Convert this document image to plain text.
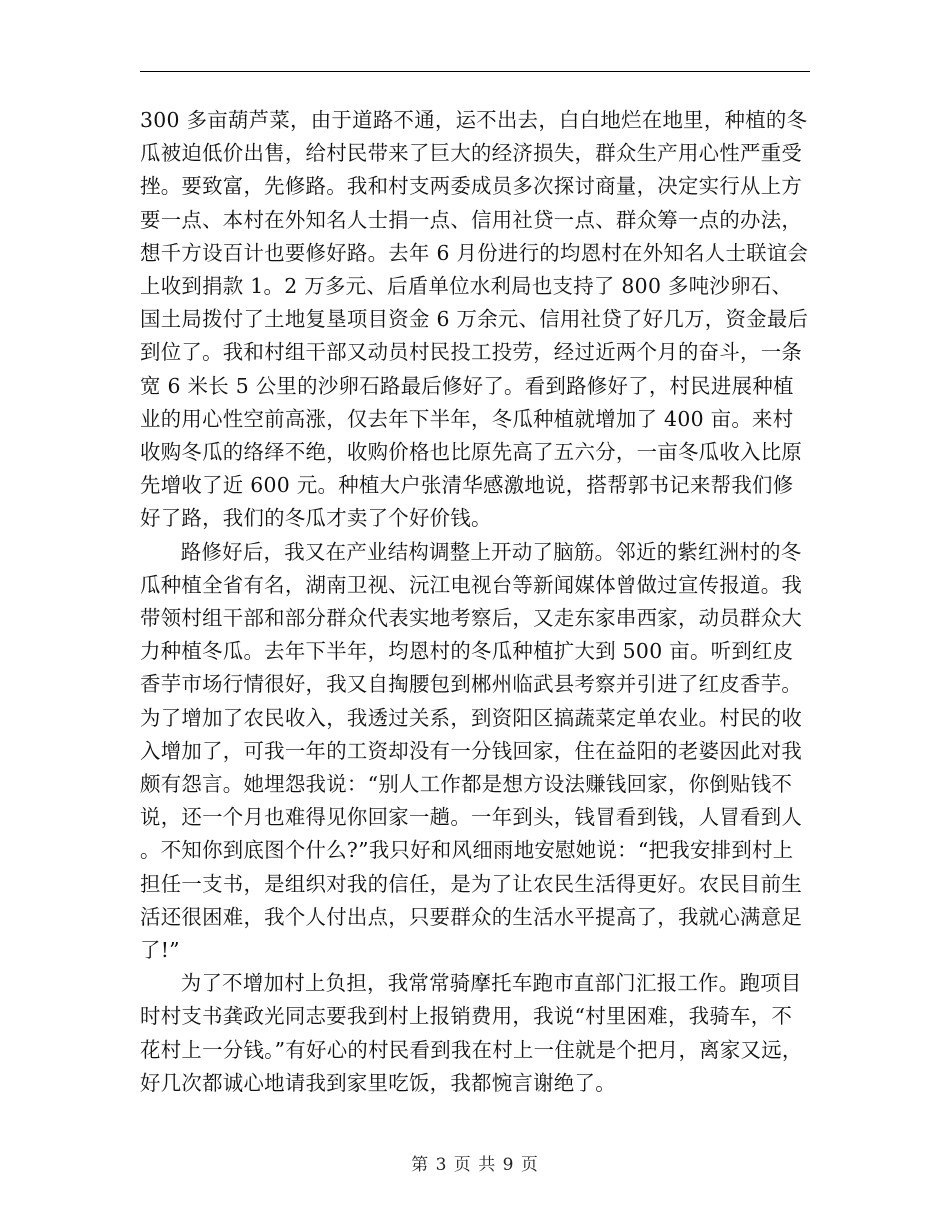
300 多亩葫芦菜，由于道路不通，运不出去，白白地烂在地里，种植的冬瓜被迫低价出售，给村民带来了巨大的经济损失，群众生产用心性严重受挫。要致富，先修路。我和村支两委成员多次探讨商量，决定实行从上方要一点、本村在外知名人士捐一点、信用社贷一点、群众筹一点的办法，想千方设百计也要修好路。去年 6 月份进行的均恩村在外知名人士联谊会上收到捐款 1。2 万多元、后盾单位水利局也支持了 800 多吨沙卵石、国土局拨付了土地复垦项目资金 6 万余元、信用社贷了好几万，资金最后到位了。我和村组干部又动员村民投工投劳，经过近两个月的奋斗，一条宽 6 米长 5 公里的沙卵石路最后修好了。看到路修好了，村民进展种植业的用心性空前高涨，仅去年下半年，冬瓜种植就增加了 400 亩。来村收购冬瓜的络绎不绝，收购价格也比原先高了五六分，一亩冬瓜收入比原先增收了近 600 元。种植大户张清华感激地说，搭帮郭书记来帮我们修好了路，我们的冬瓜才卖了个好价钱。

路修好后，我又在产业结构调整上开动了脑筋。邻近的紫红洲村的冬瓜种植全省有名，湖南卫视、沅江电视台等新闻媒体曾做过宣传报道。我带领村组干部和部分群众代表实地考察后，又走东家串西家，动员群众大力种植冬瓜。去年下半年，均恩村的冬瓜种植扩大到 500 亩。听到红皮香芋市场行情很好，我又自掏腰包到郴州临武县考察并引进了红皮香芋。为了增加了农民收入，我透过关系，到资阳区搞蔬菜定单农业。村民的收入增加了，可我一年的工资却没有一分钱回家，住在益阳的老婆因此对我颇有怨言。她埋怨我说：“别人工作都是想方设法赚钱回家，你倒贴钱不说，还一个月也难得见你回家一趟。一年到头，钱冒看到钱，人冒看到人。不知你到底图个什么?”我只好和风细雨地安慰她说：“把我安排到村上担任一支书，是组织对我的信任，是为了让农民生活得更好。农民目前生活还很困难，我个人付出点，只要群众的生活水平提高了，我就心满意足了!”

为了不增加村上负担，我常常骑摩托车跑市直部门汇报工作。跑项目时村支书龚政光同志要我到村上报销费用，我说“村里困难，我骑车，不花村上一分钱。”有好心的村民看到我在村上一住就是个把月，离家又远，好几次都诚心地请我到家里吃饭，我都惋言谢绝了。

第 3 页 共 9 页
